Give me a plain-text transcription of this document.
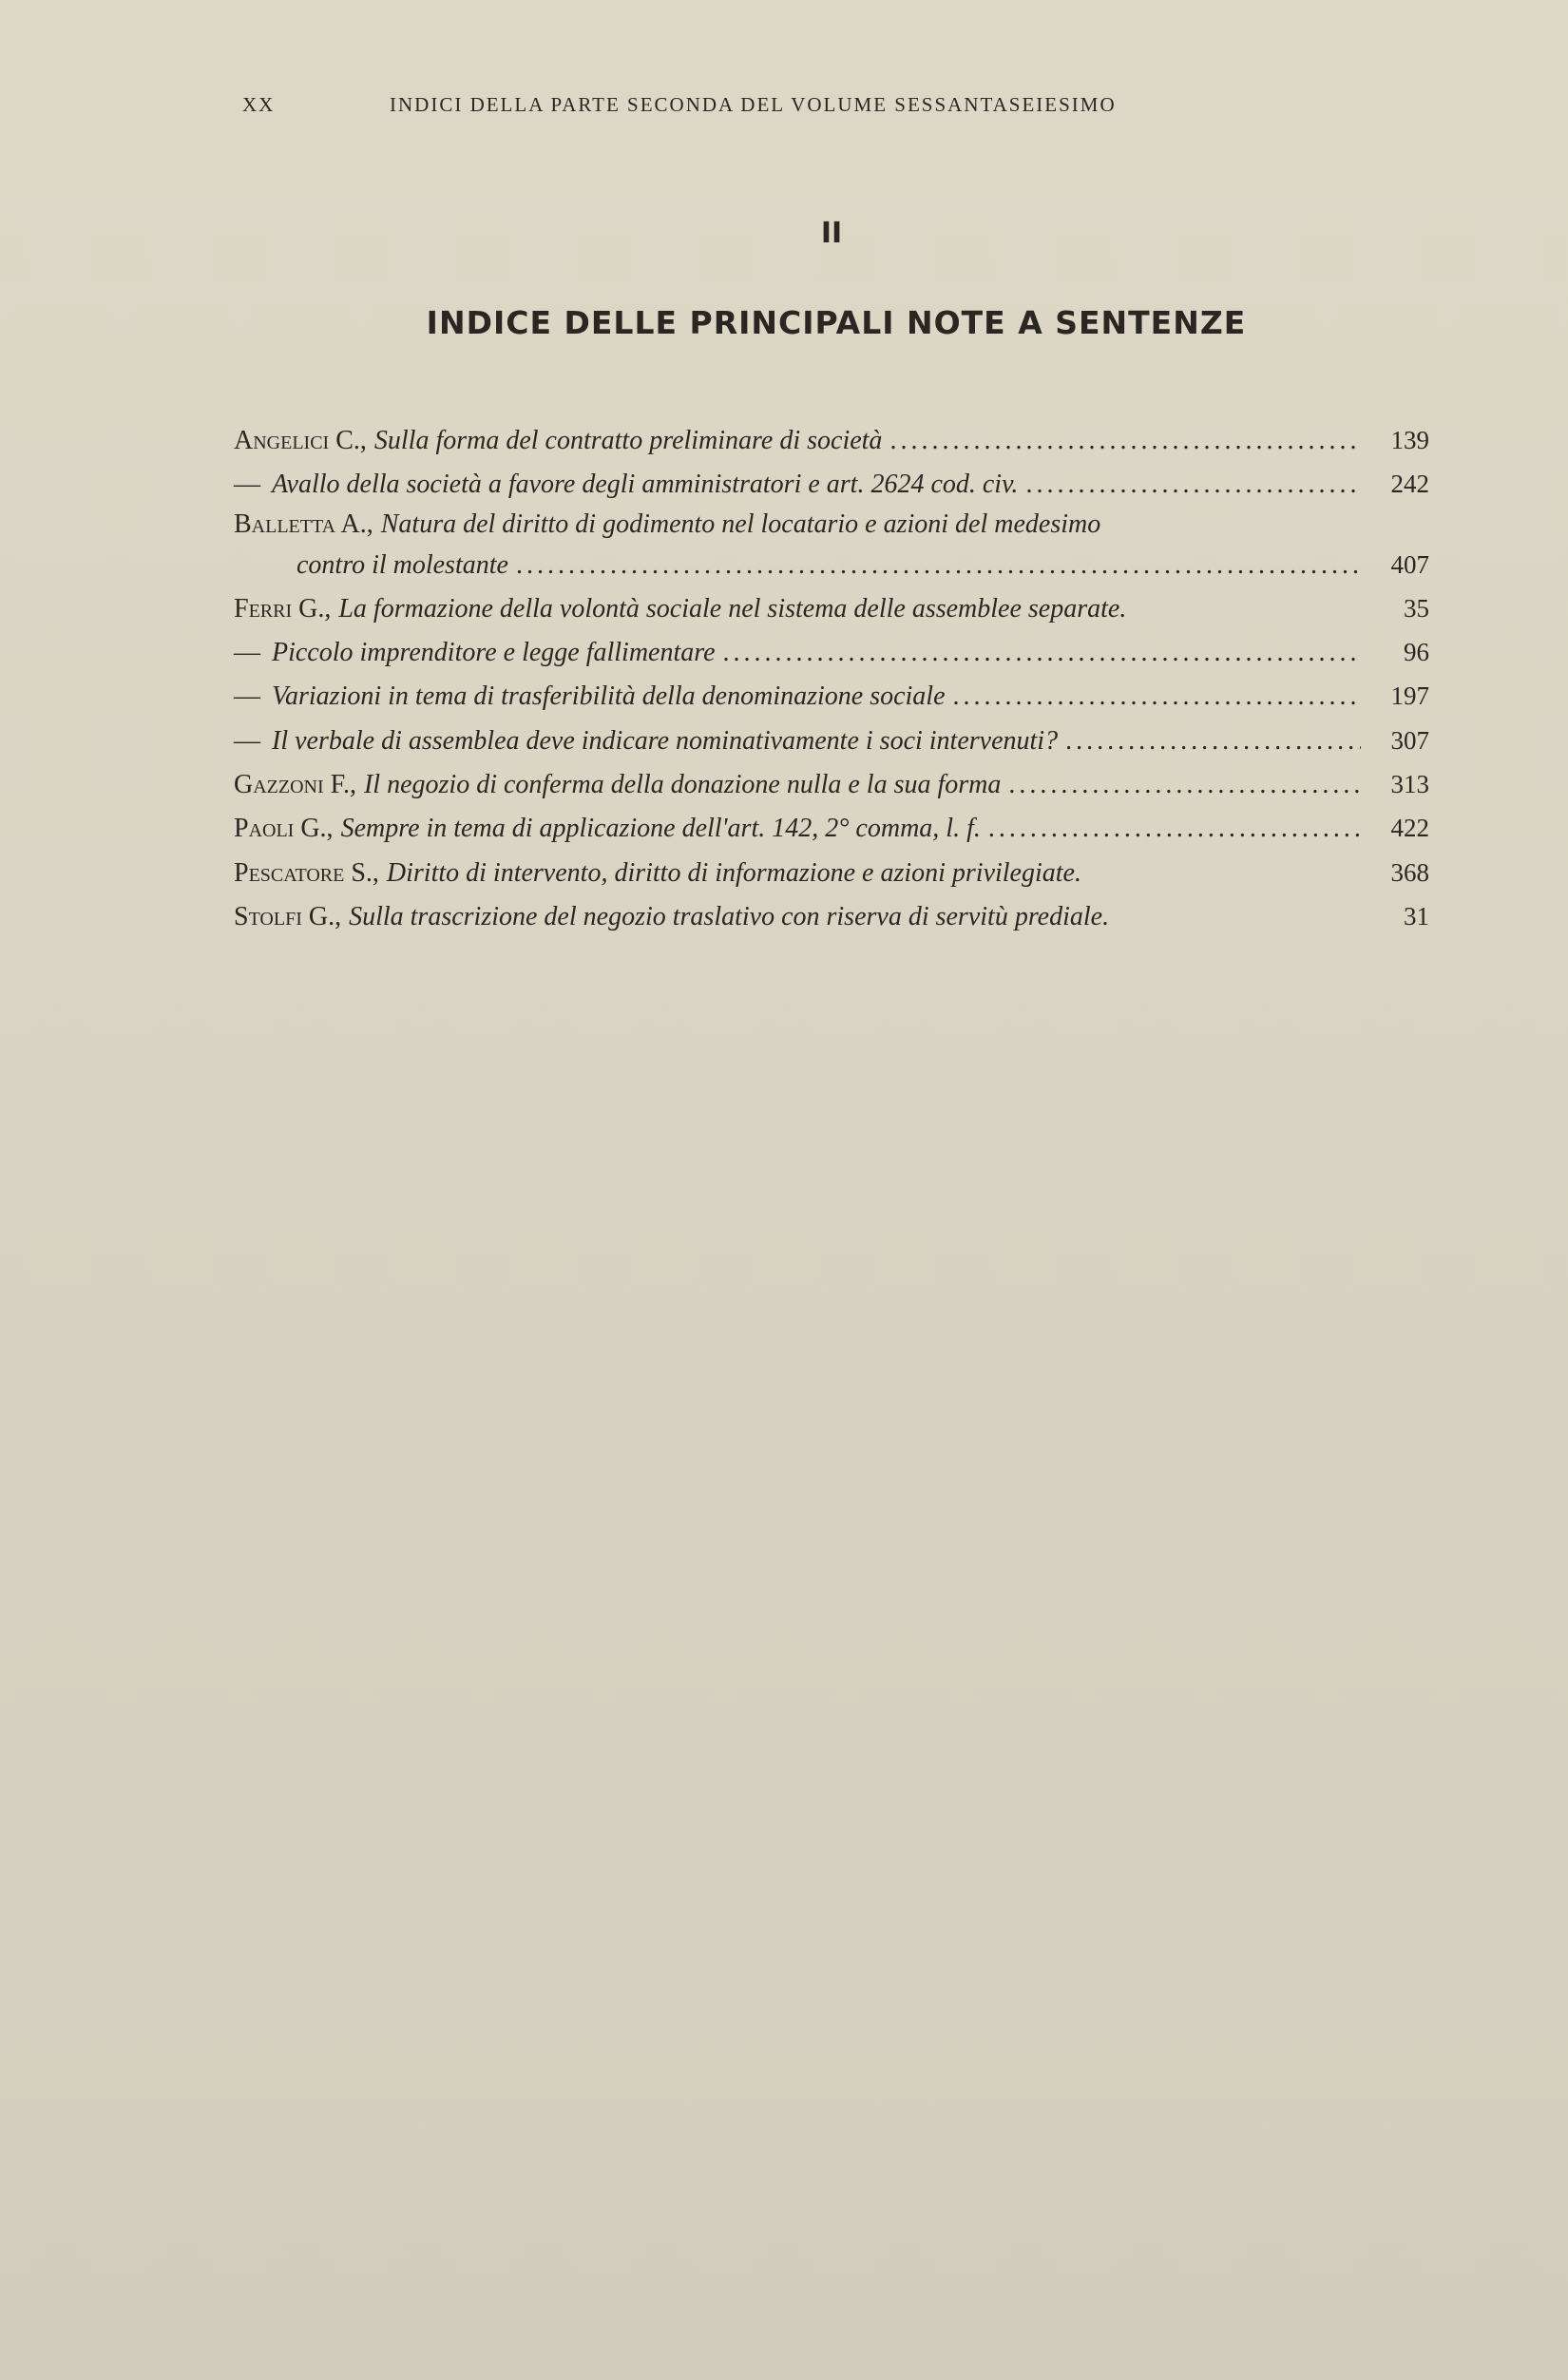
XX	INDICI DELLA PARTE SECONDA DEL VOLUME SESSANTASEIESIMO
II
INDICE DELLE PRINCIPALI NOTE A SENTENZE
Angelici C., Sulla forma del contratto preliminare di società .....	139
— Avallo della società a favore degli amministratori e art. 2624 cod. civ. .....	242
Balletta A., Natura del diritto di godimento nel locatario e azioni del medesimo
contro il molestante .....	407
Ferri G., La formazione della volontà sociale nel sistema delle assemblee separate.	35
— Piccolo imprenditore e legge fallimentare .....	96
— Variazioni in tema di trasferibilità della denominazione sociale .....	197
— Il verbale di assemblea deve indicare nominativamente i soci intervenuti? .....	307
Gazzoni F., Il negozio di conferma della donazione nulla e la sua forma .....	313
Paoli G., Sempre in tema di applicazione dell'art. 142, 2° comma, l. f. .....	422
Pescatore S., Diritto di intervento, diritto di informazione e azioni privilegiate.	368
Stolfi G., Sulla trascrizione del negozio traslativo con riserva di servitù prediale.	31
